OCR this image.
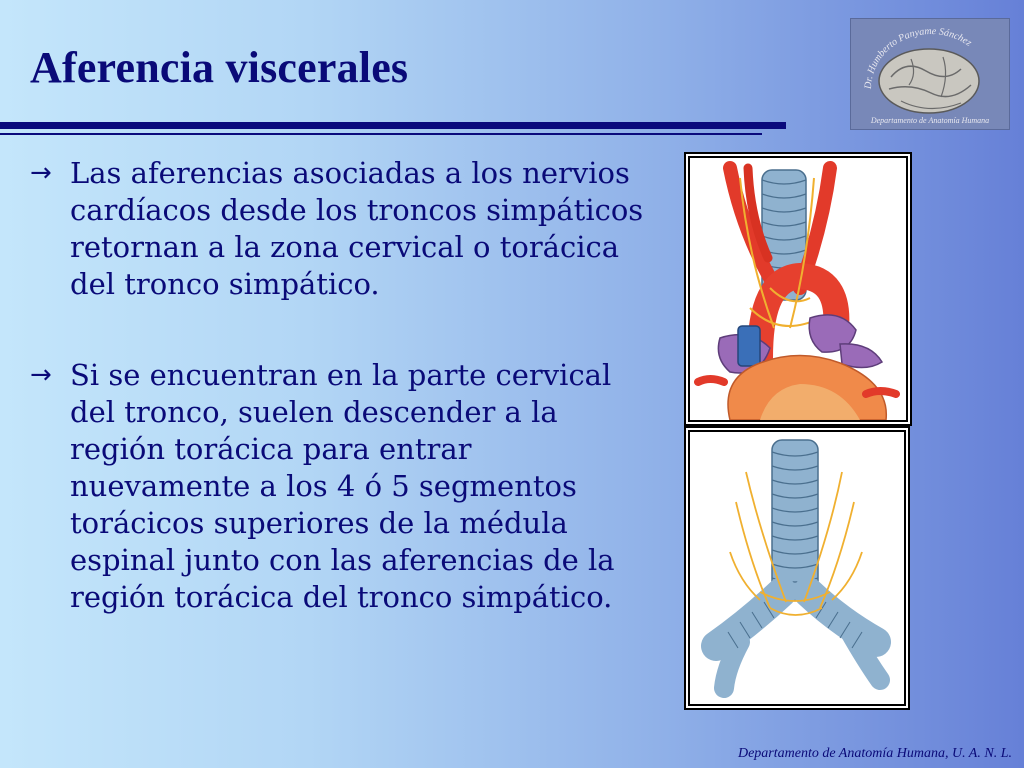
Aferencia viscerales
→ Las aferencias asociadas a los nervios cardíacos desde los troncos simpáticos retornan a la zona cervical o torácica del tronco simpático.
→ Si se encuentran en la parte cervical del tronco, suelen descender a la región torácica para entrar nuevamente a los 4 ó 5 segmentos torácicos superiores de la médula espinal junto con las aferencias de la región torácica del tronco simpático.
Dr. Humberto Panyame Sánchez
Departamento de Anatomía Humana
Departamento de Anatomía Humana, U. A. N. L.
